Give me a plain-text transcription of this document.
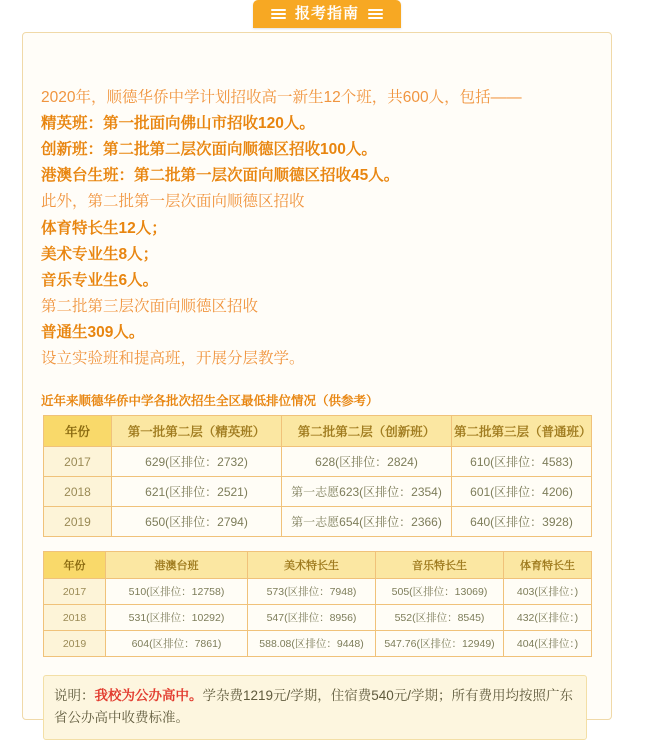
2020年，顺德华侨中学计划招收高一新生12个班，共600人，包括——
精英班：第一批面向佛山市招收120人。
创新班：第二批第二层次面向顺德区招收100人。
港澳台生班：第二批第一层次面向顺德区招收45人。
此外，第二批第一层次面向顺德区招收
体育特长生12人；
美术专业生8人；
音乐专业生6人。
第二批第三层次面向顺德区招收
普通生309人。
设立实验班和提高班，开展分层教学。
近年来顺德华侨中学各批次招生全区最低排位情况（供参考）
年份	第一批第二层（精英班）	第二批第二层（创新班）	第二批第三层（普通班）
2017	629(区排位：2732)	628(区排位：2824)	610(区排位：4583)
2018	621(区排位：2521)	第一志愿623(区排位：2354)	601(区排位：4206)
2019	650(区排位：2794)	第一志愿654(区排位：2366)	640(区排位：3928)
年份	港澳台班	美术特长生	音乐特长生	体育特长生
2017	510(区排位：12758)	573(区排位：7948)	505(区排位：13069)	403(区排位：)
2018	531(区排位：10292)	547(区排位：8956)	552(区排位：8545)	432(区排位：)
2019	604(区排位：7861)	588.08(区排位：9448)	547.76(区排位：12949)	404(区排位：)
说明：我校为公办高中。学杂费1219元/学期，住宿费540元/学期；所有费用均按照广东省公办高中收费标准。
报考指南
